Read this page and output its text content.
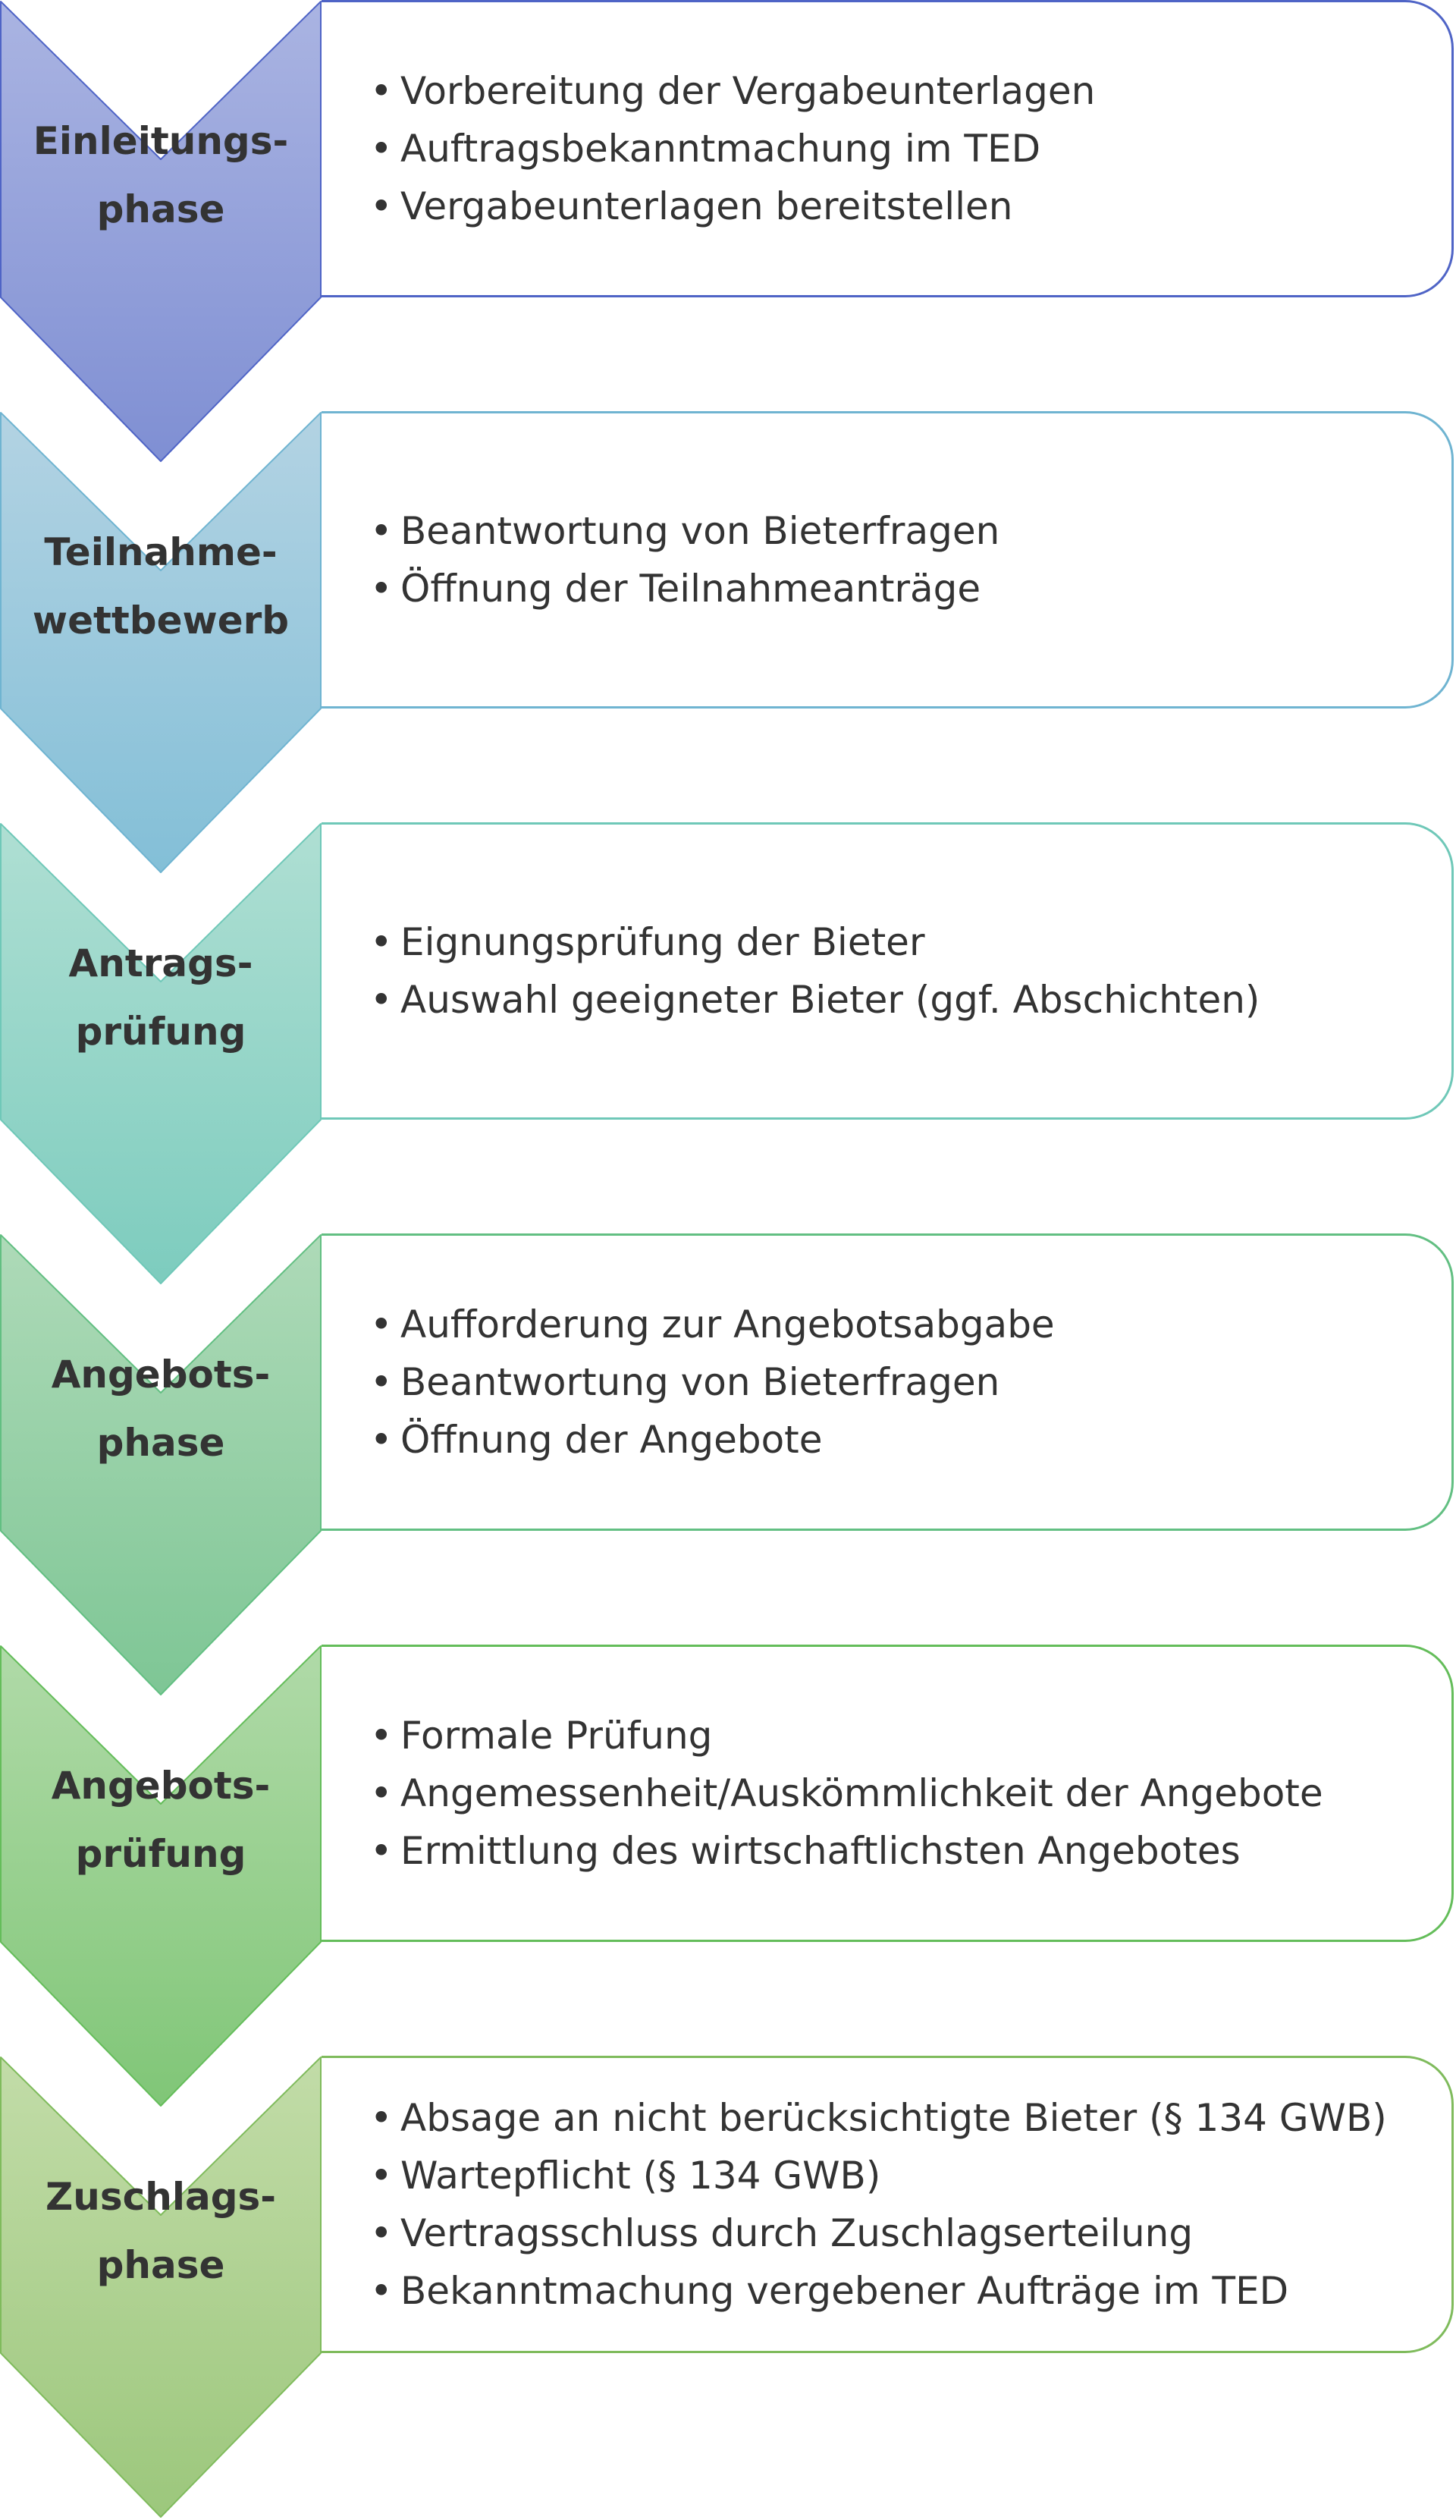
Einleitungs-
phase
• Vorbereitung der Vergabeunterlagen
• Auftragsbekanntmachung im TED
• Vergabeunterlagen bereitstellen
Teilnahme-
wettbewerb
• Beantwortung von Bieterfragen
• Öffnung der Teilnahmeanträge
Antrags-
prüfung
• Eignungsprüfung der Bieter
• Auswahl geeigneter Bieter (ggf. Abschichten)
Angebots-
phase
• Aufforderung zur Angebotsabgabe
• Beantwortung von Bieterfragen
• Öffnung der Angebote
Angebots-
prüfung
• Formale Prüfung
• Angemessenheit/Auskömmlichkeit der Angebote
• Ermittlung des wirtschaftlichsten Angebotes
Zuschlags-
phase
• Absage an nicht berücksichtigte Bieter (§ 134 GWB)
• Wartepflicht (§ 134 GWB)
• Vertragsschluss durch Zuschlagserteilung
• Bekanntmachung vergebener Aufträge im TED
